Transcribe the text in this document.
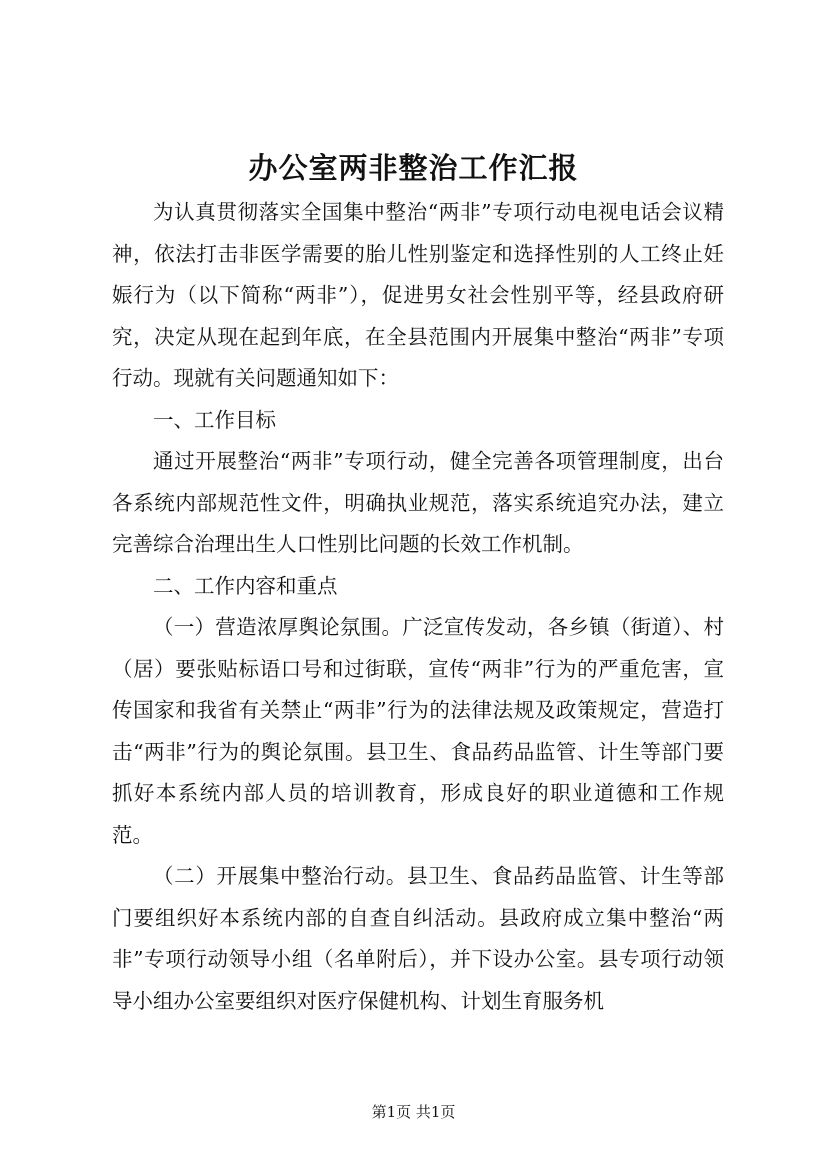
办公室两非整治工作汇报

为认真贯彻落实全国集中整治“两非”专项行动电视电话会议精神，依法打击非医学需要的胎儿性别鉴定和选择性别的人工终止妊娠行为（以下简称“两非”），促进男女社会性别平等，经县政府研究，决定从现在起到年底，在全县范围内开展集中整治“两非”专项行动。现就有关问题通知如下：

一、工作目标

通过开展整治“两非”专项行动，健全完善各项管理制度，出台各系统内部规范性文件，明确执业规范，落实系统追究办法，建立完善综合治理出生人口性别比问题的长效工作机制。

二、工作内容和重点

（一）营造浓厚舆论氛围。广泛宣传发动，各乡镇（街道）、村（居）要张贴标语口号和过街联，宣传“两非”行为的严重危害，宣传国家和我省有关禁止“两非”行为的法律法规及政策规定，营造打击“两非”行为的舆论氛围。县卫生、食品药品监管、计生等部门要抓好本系统内部人员的培训教育，形成良好的职业道德和工作规范。

（二）开展集中整治行动。县卫生、食品药品监管、计生等部门要组织好本系统内部的自查自纠活动。县政府成立集中整治“两非”专项行动领导小组（名单附后），并下设办公室。县专项行动领导小组办公室要组织对医疗保健机构、计划生育服务机

第1页 共1页
